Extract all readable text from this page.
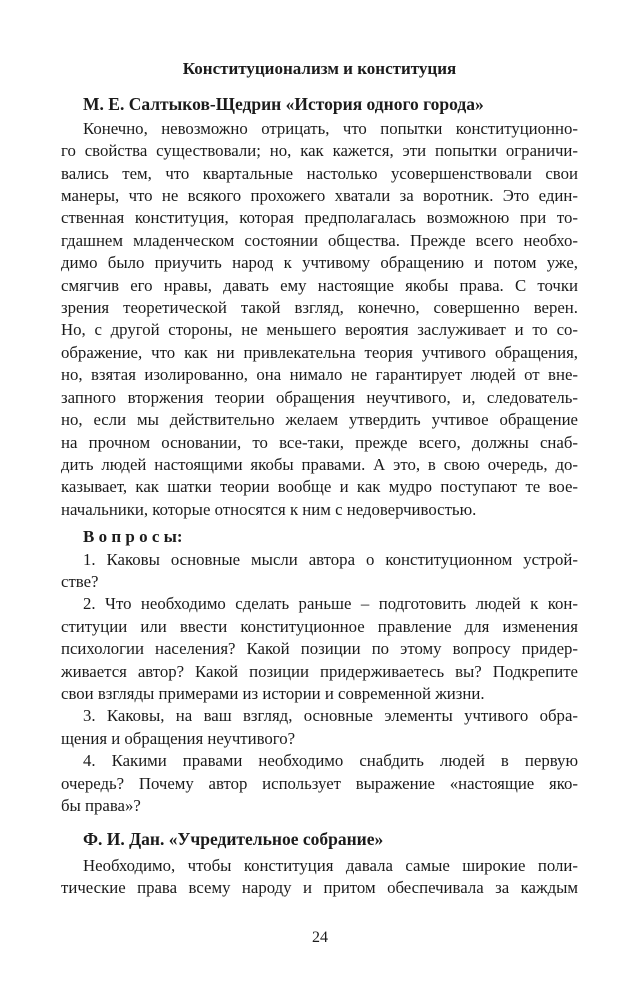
Конституционализм и конституция
М. Е. Салтыков-Щедрин «История одного города»
Конечно, невозможно отрицать, что попытки конституционно-
го свойства существовали; но, как кажется, эти попытки ограничи-
вались тем, что квартальные настолько усовершенствовали свои
манеры, что не всякого прохожего хватали за воротник. Это един-
ственная конституция, которая предполагалась возможною при то-
гдашнем младенческом состоянии общества. Прежде всего необхо-
димо было приучить народ к учтивому обращению и потом уже,
смягчив его нравы, давать ему настоящие якобы права. С точки
зрения теоретической такой взгляд, конечно, совершенно верен.
Но, с другой стороны, не меньшего вероятия заслуживает и то со-
ображение, что как ни привлекательна теория учтивого обращения,
но, взятая изолированно, она нимало не гарантирует людей от вне-
запного вторжения теории обращения неучтивого, и, следователь-
но, если мы действительно желаем утвердить учтивое обращение
на прочном основании, то все-таки, прежде всего, должны снаб-
дить людей настоящими якобы правами. А это, в свою очередь, до-
казывает, как шатки теории вообще и как мудро поступают те вое-
начальники, которые относятся к ним с недоверчивостью.
В о п р о с ы:
1. Каковы основные мысли автора о конституционном устрой-
стве?
2. Что необходимо сделать раньше – подготовить людей к кон-
ституции или ввести конституционное правление для изменения
психологии населения? Какой позиции по этому вопросу придер-
живается автор? Какой позиции придерживаетесь вы? Подкрепите
свои взгляды примерами из истории и современной жизни.
3. Каковы, на ваш взгляд, основные элементы учтивого обра-
щения и обращения неучтивого?
4. Какими правами необходимо снабдить людей в первую
очередь? Почему автор использует выражение «настоящие яко-
бы права»?
Ф. И. Дан. «Учредительное собрание»
Необходимо, чтобы конституция давала самые широкие поли-
тические права всему народу и притом обеспечивала за каждым
24
